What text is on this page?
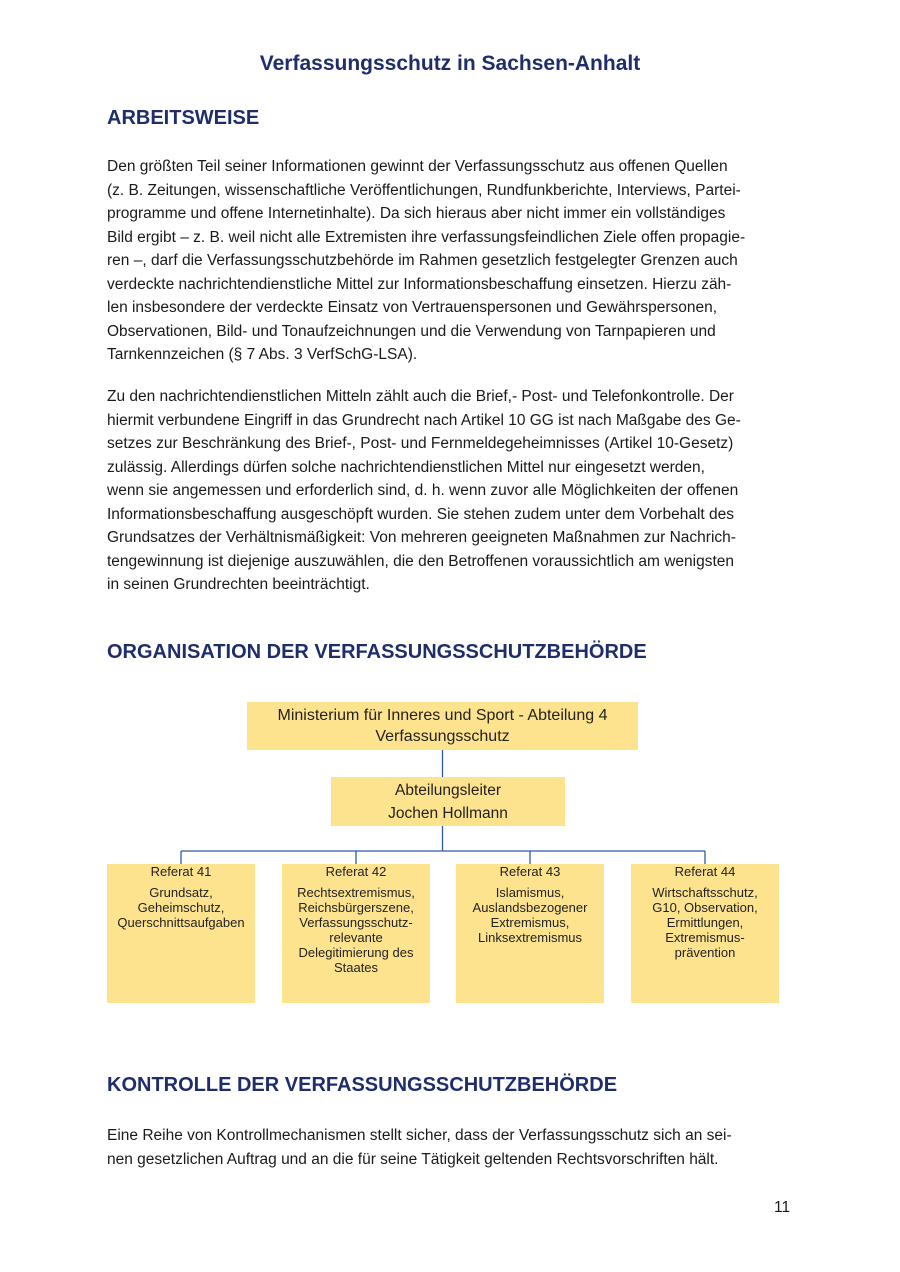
Verfassungsschutz in Sachsen-Anhalt
ARBEITSWEISE
Den größten Teil seiner Informationen gewinnt der Verfassungsschutz aus offenen Quellen
(z. B. Zeitungen, wissenschaftliche Veröffentlichungen, Rundfunkberichte, Interviews, Partei-
programme und offene Internetinhalte). Da sich hieraus aber nicht immer ein vollständiges
Bild ergibt – z. B. weil nicht alle Extremisten ihre verfassungsfeindlichen Ziele offen propagie-
ren –, darf die Verfassungsschutzbehörde im Rahmen gesetzlich festgelegter Grenzen auch
verdeckte nachrichtendienstliche Mittel zur Informationsbeschaffung einsetzen. Hierzu zäh-
len insbesondere der verdeckte Einsatz von Vertrauenspersonen und Gewährspersonen,
Observationen, Bild- und Tonaufzeichnungen und die Verwendung von Tarnpapieren und
Tarnkennzeichen (§ 7 Abs. 3 VerfSchG-LSA).
Zu den nachrichtendienstlichen Mitteln zählt auch die Brief,- Post- und Telefonkontrolle. Der
hiermit verbundene Eingriff in das Grundrecht nach Artikel 10 GG ist nach Maßgabe des Ge-
setzes zur Beschränkung des Brief-, Post- und Fernmeldegeheimnisses (Artikel 10-Gesetz)
zulässig. Allerdings dürfen solche nachrichtendienstlichen Mittel nur eingesetzt werden,
wenn sie angemessen und erforderlich sind, d. h. wenn zuvor alle Möglichkeiten der offenen
Informationsbeschaffung ausgeschöpft wurden. Sie stehen zudem unter dem Vorbehalt des
Grundsatzes der Verhältnismäßigkeit: Von mehreren geeigneten Maßnahmen zur Nachrich-
tengewinnung ist diejenige auszuwählen, die den Betroffenen voraussichtlich am wenigsten
in seinen Grundrechten beeinträchtigt.
ORGANISATION DER VERFASSUNGSSCHUTZBEHÖRDE
Ministerium für Inneres und Sport - Abteilung 4
Verfassungsschutz
Abteilungsleiter
Jochen Hollmann
Referat 41
Grundsatz,
Geheimschutz,
Querschnittsaufgaben
Referat 42
Rechtsextremismus,
Reichsbürgerszene,
Verfassungsschutz-
relevante
Delegitimierung des
Staates
Referat 43
Islamismus,
Auslandsbezogener
Extremismus,
Linksextremismus
Referat 44
Wirtschaftsschutz,
G10, Observation,
Ermittlungen,
Extremismus-
prävention
KONTROLLE DER VERFASSUNGSSCHUTZBEHÖRDE
Eine Reihe von Kontrollmechanismen stellt sicher, dass der Verfassungsschutz sich an sei-
nen gesetzlichen Auftrag und an die für seine Tätigkeit geltenden Rechtsvorschriften hält.

11
